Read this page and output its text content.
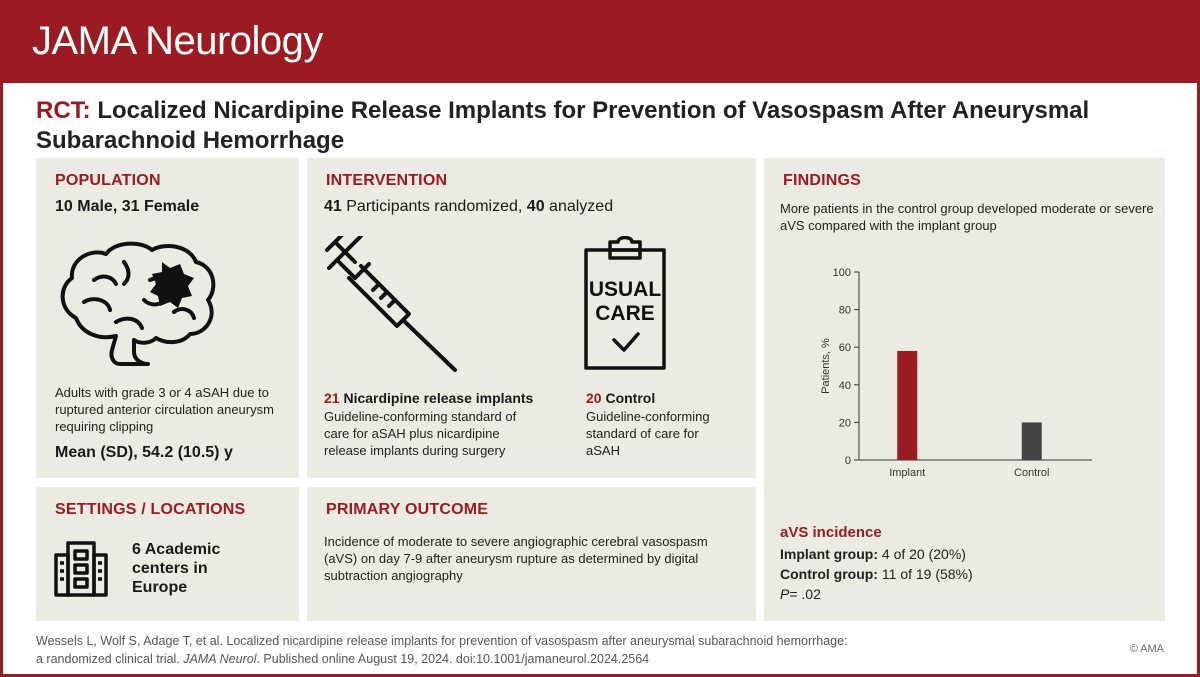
JAMA Neurology
RCT: Localized Nicardipine Release Implants for Prevention of Vasospasm After Aneurysmal Subarachnoid Hemorrhage
POPULATION
10 Male, 31 Female
Adults with grade 3 or 4 aSAH due to ruptured anterior circulation aneurysm requiring clipping
Mean (SD), 54.2 (10.5) y
INTERVENTION
41 Participants randomized, 40 analyzed
USUAL
CARE
21 Nicardipine release implants
Guideline-conforming standard of care for aSAH plus nicardipine release implants during surgery
20 Control
Guideline-conforming standard of care for aSAH
SETTINGS / LOCATIONS
6 Academic centers in Europe
PRIMARY OUTCOME
Incidence of moderate to severe angiographic cerebral vasospasm (aVS) on day 7-9 after aneurysm rupture as determined by digital subtraction angiography
FINDINGS
More patients in the control group developed moderate or severe aVS compared with the implant group
0
20
40
60
80
100
Patients, %
Implant	Control
aVS incidence
Implant group: 4 of 20 (20%)
Control group: 11 of 19 (58%)
P= .02
Wessels L, Wolf S, Adage T, et al. Localized nicardipine release implants for prevention of vasospasm after aneurysmal subarachnoid hemorrhage:
a randomized clinical trial. JAMA Neurol. Published online August 19, 2024. doi:10.1001/jamaneurol.2024.2564
© AMA
